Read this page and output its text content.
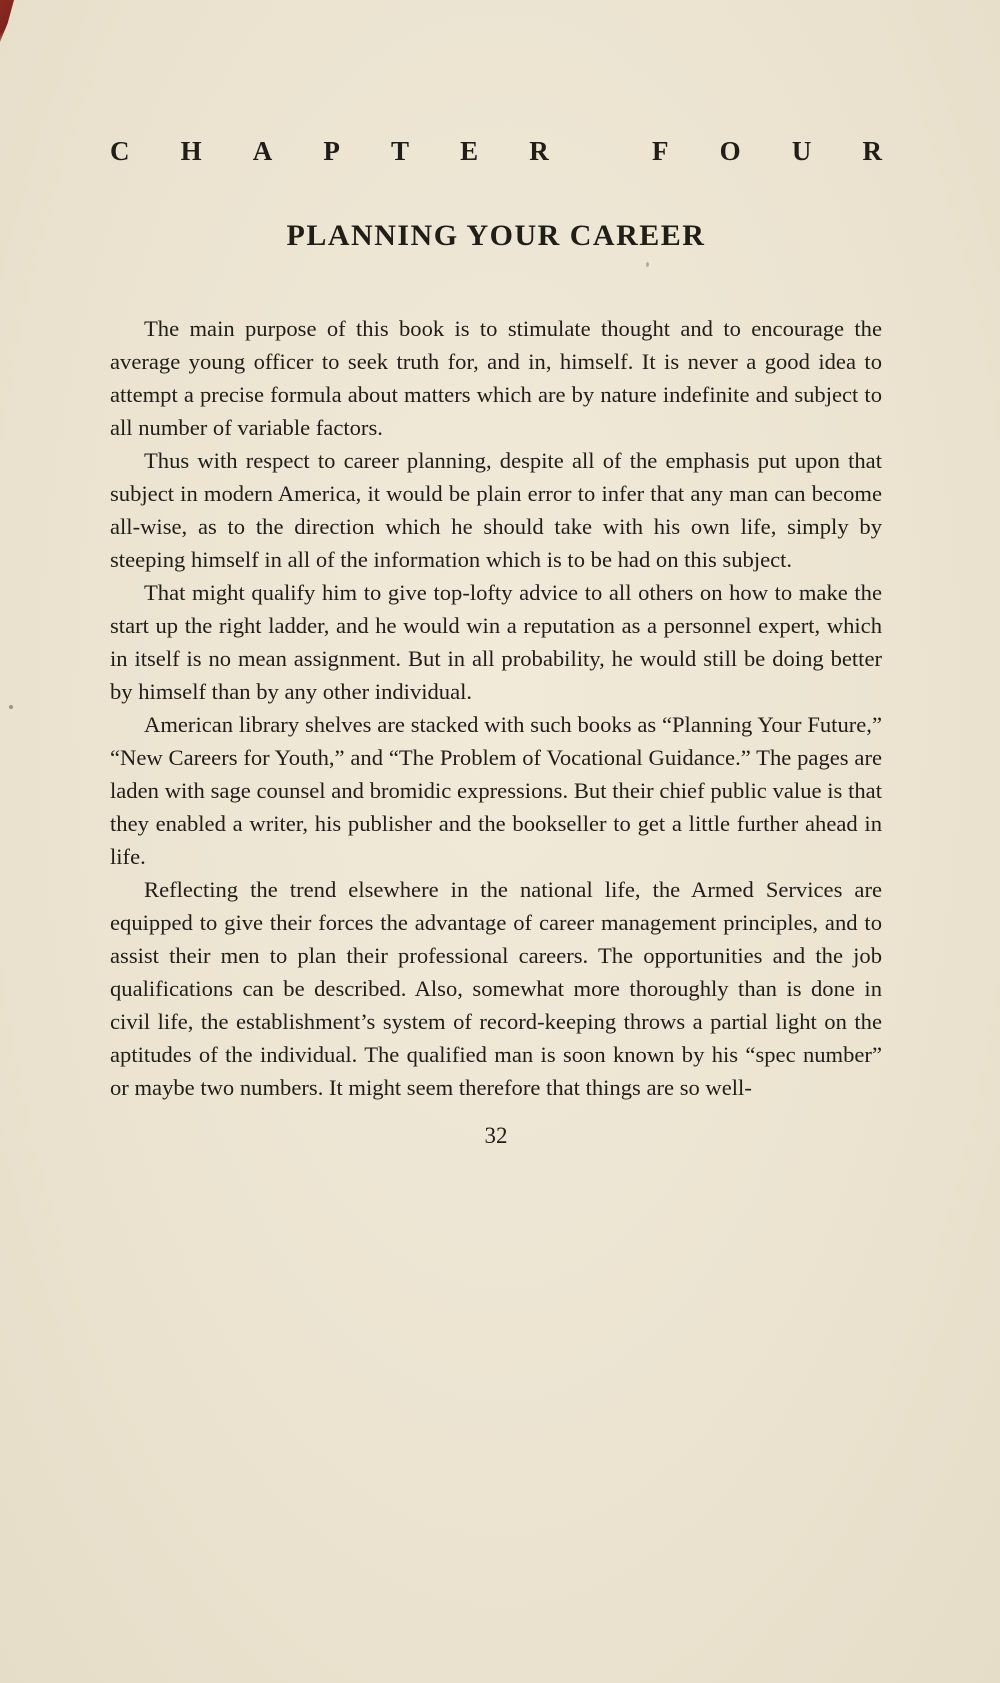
C H A P T E R	F O U R
PLANNING YOUR CAREER

The main purpose of this book is to stimulate thought and to encourage the average young officer to seek truth for, and in, himself. It is never a good idea to attempt a precise formula about matters which are by nature indefinite and subject to all number of variable factors.

Thus with respect to career planning, despite all of the emphasis put upon that subject in modern America, it would be plain error to infer that any man can become all-wise, as to the direction which he should take with his own life, simply by steeping himself in all of the information which is to be had on this subject.

That might qualify him to give top-lofty advice to all others on how to make the start up the right ladder, and he would win a reputation as a personnel expert, which in itself is no mean assignment. But in all probability, he would still be doing better by himself than by any other individual.

American library shelves are stacked with such books as “Planning Your Future,” “New Careers for Youth,” and “The Problem of Vocational Guidance.” The pages are laden with sage counsel and bromidic expressions. But their chief public value is that they enabled a writer, his publisher and the bookseller to get a little further ahead in life.

Reflecting the trend elsewhere in the national life, the Armed Services are equipped to give their forces the advantage of career management principles, and to assist their men to plan their professional careers. The opportunities and the job qualifications can be described. Also, somewhat more thoroughly than is done in civil life, the establishment’s system of record-keeping throws a partial light on the aptitudes of the individual. The qualified man is soon known by his “spec number” or maybe two numbers. It might seem therefore that things are so well-

32
